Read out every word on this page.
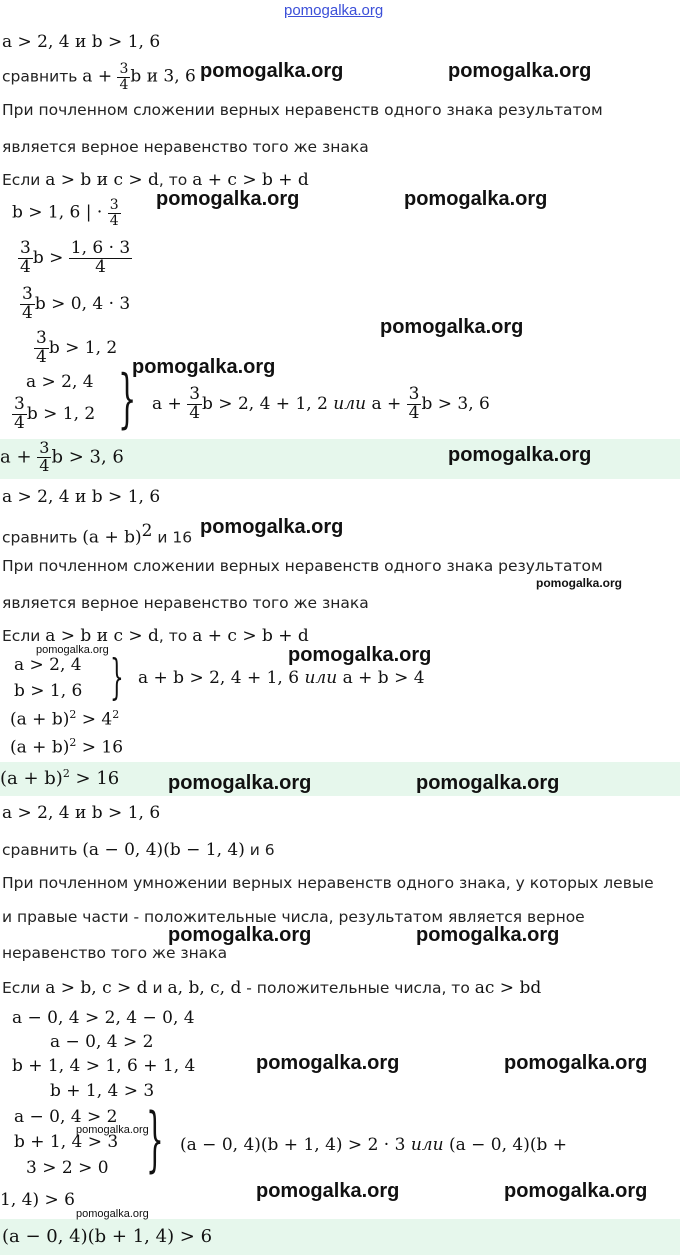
pomogalka.org
a > 2, 4 и b > 1, 6
сравнить $a + \frac{3}{4}$ b и 3, 6
При почленном сложении верных неравенств одного знака результатом
является верное неравенство того же знака
Если a > b и c > d, то a + c > b + d
b > 1, 6 | · $\frac{3}{4}$
$\frac{3}{4}$ $b > \frac{1, 6 \cdot 3}{4}$
$\frac{3}{4}$ b > 0, 4 · 3
$\frac{3}{4}$ b > 1, 2
a > 2, 4
$\frac{3}{4}$ b > 1, 2 } $a + \frac{3}{4}$ b > 2, 4 + 1, 2 или $a + \frac{3}{4}$ b > 3, 6
$a + \frac{3}{4}$ b > 3, 6
a > 2, 4 и b > 1, 6
сравнить $(a + b)^2$ и 16
При почленном сложении верных неравенств одного знака результатом
является верное неравенство того же знака
Если a > b и c > d, то a + c > b + d
a > 2, 4
b > 1, 6 } a + b > 2, 4 + 1, 6 или a + b > 4
$(a + b)^2 > 4^2$
$(a + b)^2 > 16$
$(a + b)^2 > 16$
a > 2, 4 и b > 1, 6
сравнить (a − 0, 4)(b − 1, 4) и 6
При почленном умножении верных неравенств одного знака, у которых левые
и правые части - положительные числа, результатом является верное
неравенство того же знака
Если a > b, c > d и a, b, c, d - положительные числа, то ac > bd
a − 0, 4 > 2, 4 − 0, 4
a − 0, 4 > 2
b + 1, 4 > 1, 6 + 1, 4
b + 1, 4 > 3
a − 0, 4 > 2
b + 1, 4 > 3
3 > 2 > 0 } (a − 0, 4)(b + 1, 4) > 2 · 3 или (a − 0, 4)(b +
1, 4) > 6
(a − 0, 4)(b + 1, 4) > 6
pomogalka.org	pomogalka.org
pomogalka.org	pomogalka.org
pomogalka.org
pomogalka.org
pomogalka.org
pomogalka.org
pomogalka.org
pomogalka.org	pomogalka.org
pomogalka.org	pomogalka.org
pomogalka.org	pomogalka.org
pomogalka.org	pomogalka.org
pomogalka.org
pomogalka.org	pomogalka.org
pomogalka.org
